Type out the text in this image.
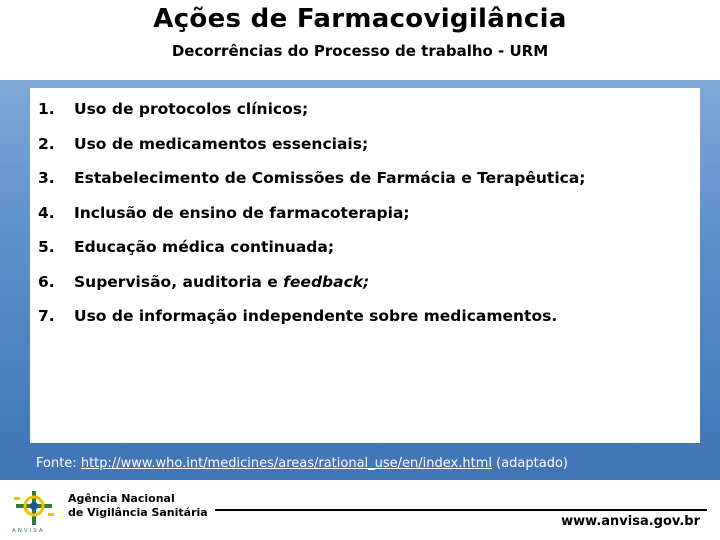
Ações de Farmacovigilância
Decorrências do Processo de trabalho - URM
1. Uso de protocolos clínicos;
2. Uso de medicamentos essenciais;
3. Estabelecimento de Comissões de Farmácia e Terapêutica;
4. Inclusão de ensino de farmacoterapia;
5. Educação médica continuada;
6. Supervisão, auditoria e feedback;
7. Uso de informação independente sobre medicamentos.
Fonte: http://www.who.int/medicines/areas/rational_use/en/index.html (adaptado)
ANVISA
Agência Nacional
de Vigilância Sanitária
www.anvisa.gov.br
